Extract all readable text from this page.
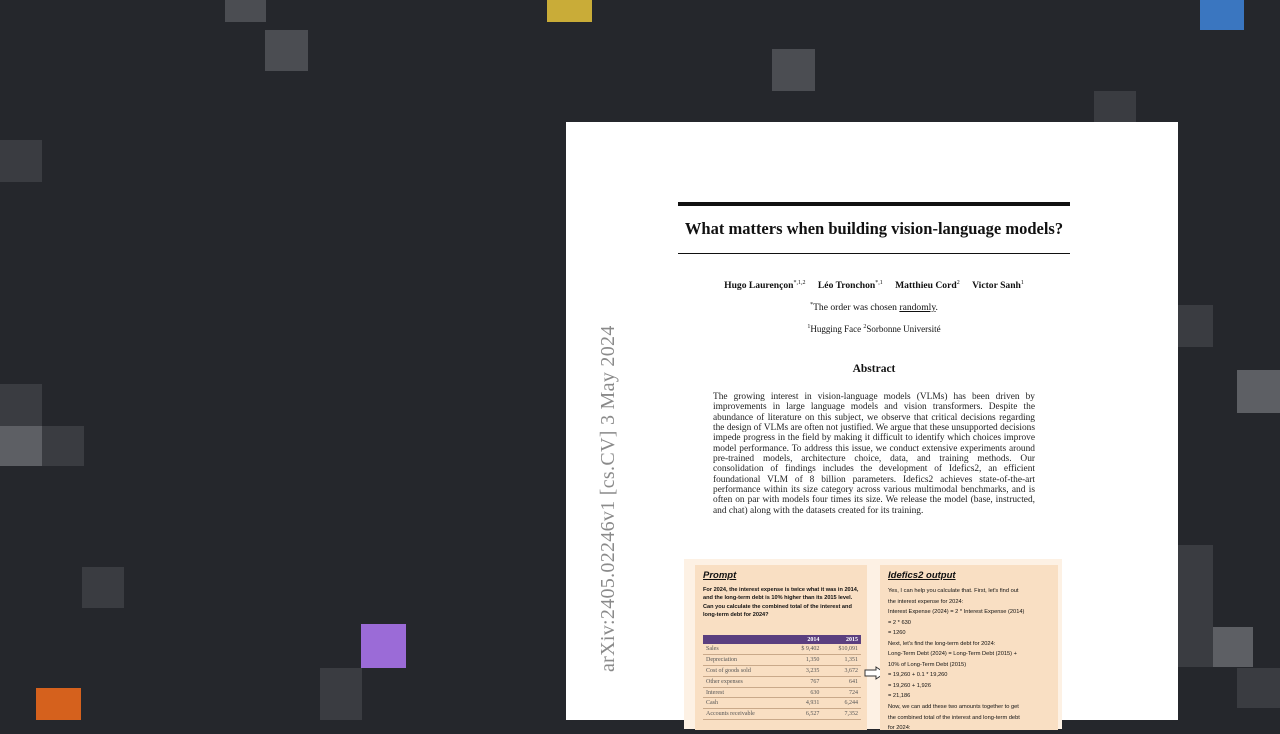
arXiv:2405.02246v1 [cs.CV] 3 May 2024
What matters when building vision-language models?
Hugo Laurençon$^{*,1,2}$ Léo Tronchon$^{*,1}$ Matthieu Cord$^2$ Victor Sanh$^1$
*The order was chosen randomly.
$^1$Hugging Face $^2$Sorbonne Université
Abstract
The growing interest in vision-language models (VLMs) has been driven by improvements in large language models and vision transformers. Despite the abundance of literature on this subject, we observe that critical decisions regarding the design of VLMs are often not justified. We argue that these unsupported decisions impede progress in the field by making it difficult to identify which choices improve model performance. To address this issue, we conduct extensive experiments around pre-trained models, architecture choice, data, and training methods. Our consolidation of findings includes the development of Idefics2, an efficient foundational VLM of 8 billion parameters. Idefics2 achieves state-of-the-art performance within its size category across various multimodal benchmarks, and is often on par with models four times its size. We release the model (base, instructed, and chat) along with the datasets created for its training.
Prompt
For 2024, the interest expense is twice what it was in 2014, and the long-term debt is 10% higher than its 2015 level. Can you calculate the combined total of the interest and long-term debt for 2024?
	2014	2015
Sales	$ 9,402	$10,091
Depreciation	1,350	1,351
Cost of goods sold	3,235	3,672
Other expenses	767	641
Interest	630	724
Cash	4,931	6,244
Accounts receivable	6,527	7,352
Idefics2 output
Yes, I can help you calculate that. First, let's find out
the interest expense for 2024:
Interest Expense (2024) = 2 * Interest Expense (2014)
= 2 * 630
= 1260
Next, let's find the long-term debt for 2024:
Long-Term Debt (2024) = Long-Term Debt (2015) +
10% of Long-Term Debt (2015)
= 19,260 + 0.1 * 19,260
= 19,260 + 1,926
= 21,186
Now, we can add these two amounts together to get
the combined total of the interest and long-term debt
for 2024:
